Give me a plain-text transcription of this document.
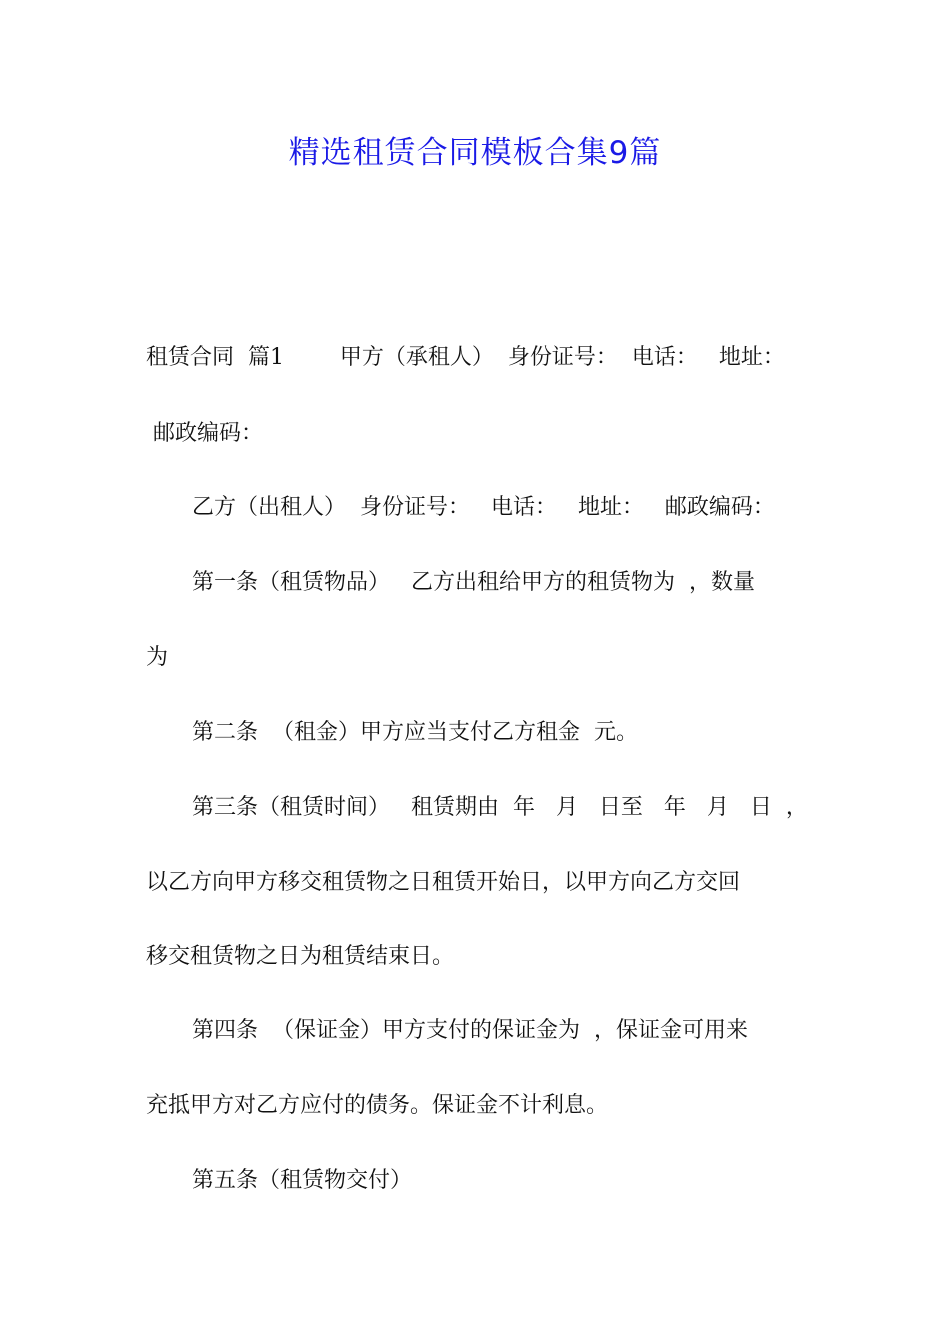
精选租赁合同模板合集9篇

租赁合同  篇1        甲方（承租人）  身份证号：  电话：   地址：

邮政编码：

乙方（出租人）  身份证号：   电话：   地址：   邮政编码：

第一条（租赁物品）   乙方出租给甲方的租赁物为  ，数量

为

第二条  （租金）甲方应当支付乙方租金  元。

第三条（租赁时间）   租赁期由  年   月   日至   年   月   日  ，

以乙方向甲方移交租赁物之日租赁开始日，以甲方向乙方交回

移交租赁物之日为租赁结束日。

第四条  （保证金）甲方支付的保证金为  ，保证金可用来

充抵甲方对乙方应付的债务。保证金不计利息。

第五条（租赁物交付）
